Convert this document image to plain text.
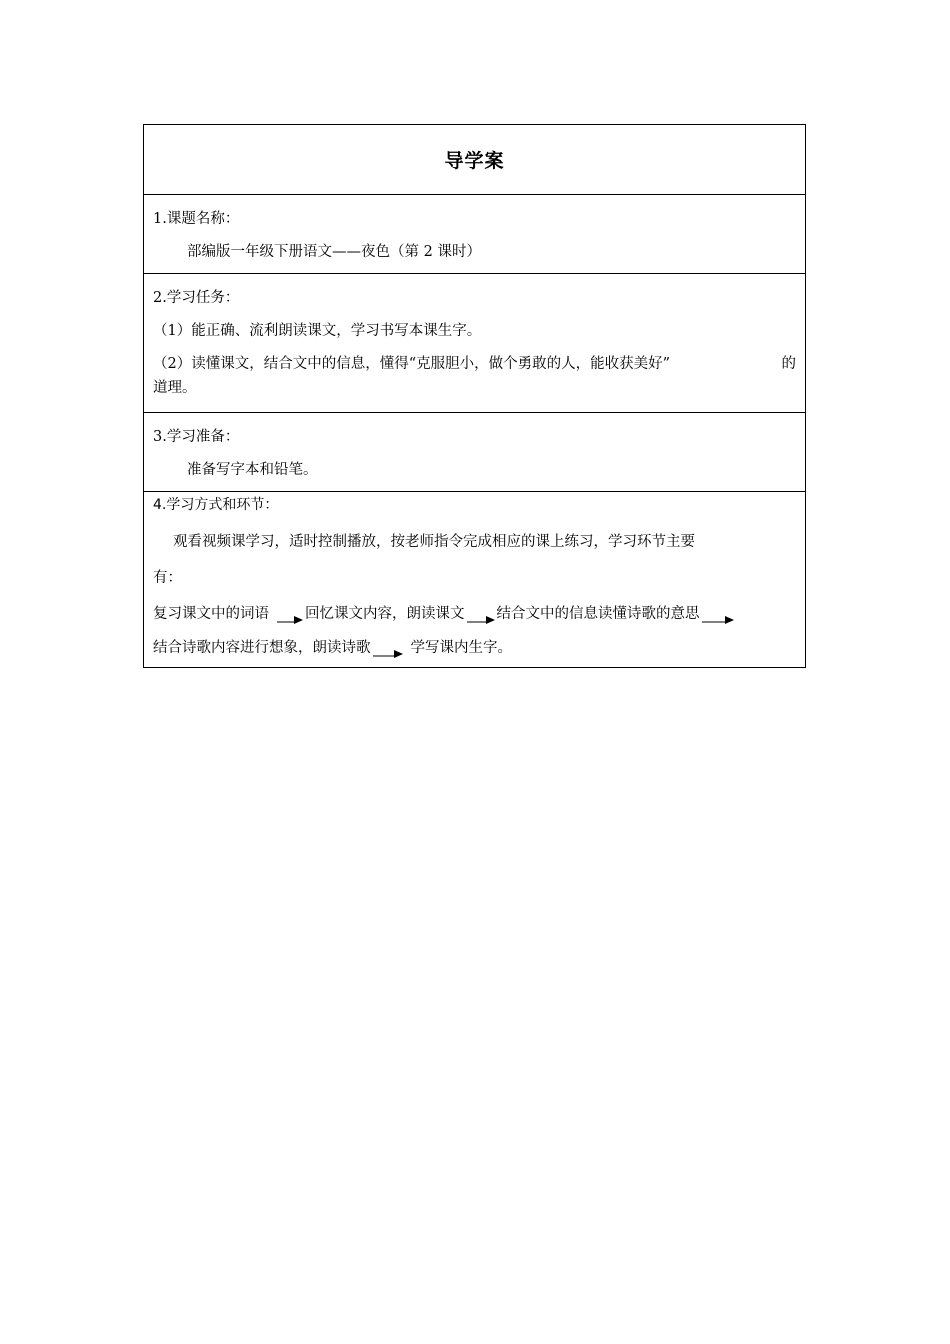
导学案
1.课题名称：
部编版一年级下册语文——夜色（第 2 课时）
2.学习任务：
（1）能正确、流利朗读课文，学习书写本课生字。
（2）读懂课文，结合文中的信息，懂得“克服胆小，做个勇敢的人，能收获美好”	的
道理。
3.学习准备：
准备写字本和铅笔。
4.学习方式和环节：
观看视频课学习，适时控制播放，按老师指令完成相应的课上练习，学习环节主要
有：
复习课文中的词语 回忆课文内容，朗读课文 结合文中的信息读懂诗歌的意思
结合诗歌内容进行想象，朗读诗歌	学写课内生字。
